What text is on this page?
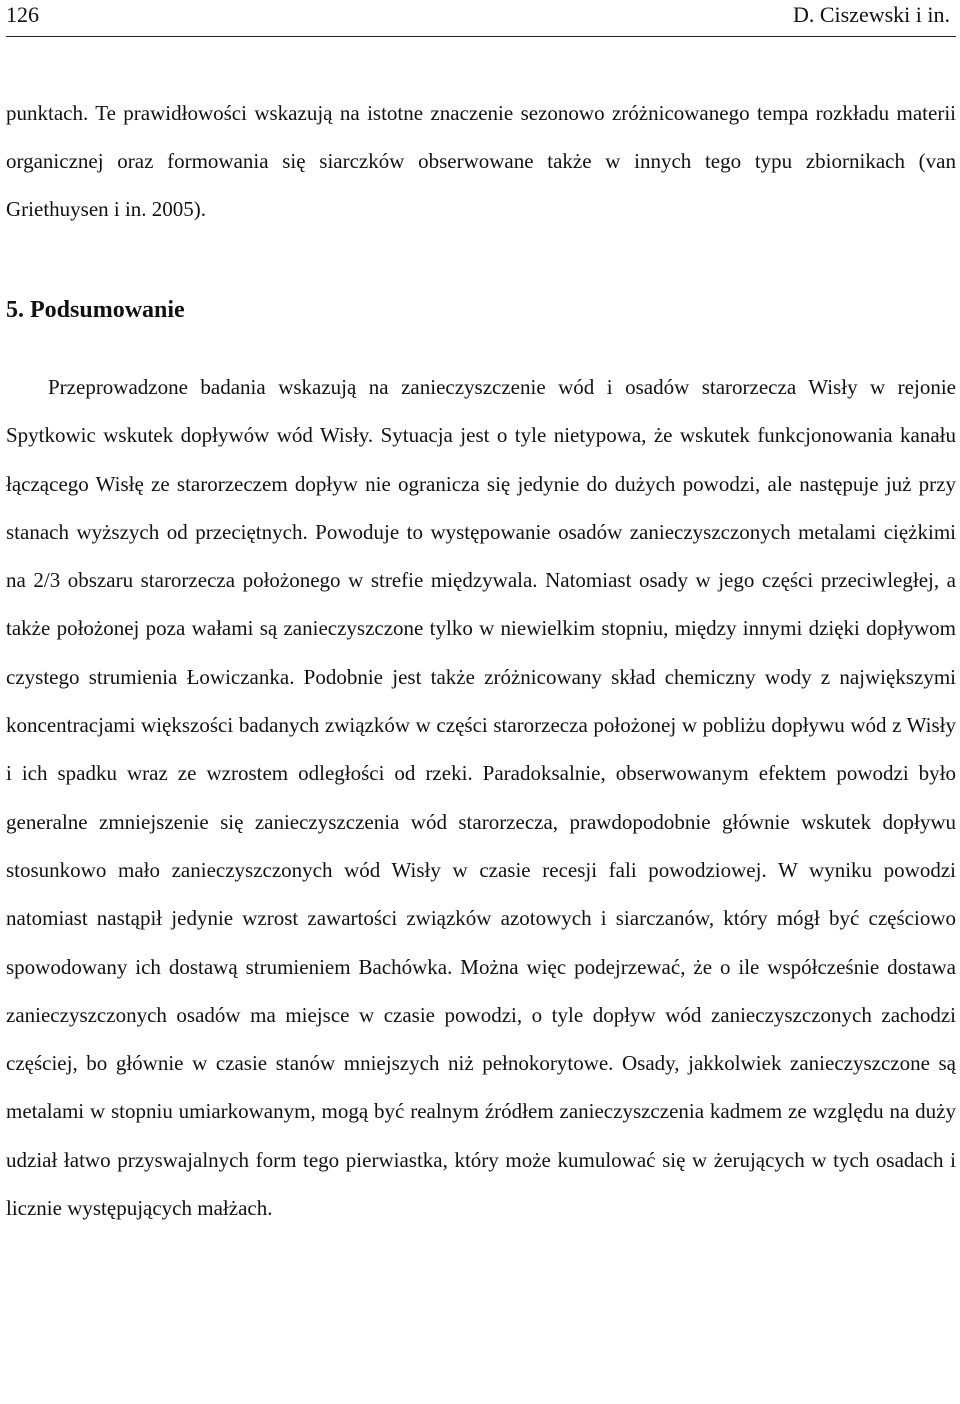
126	D. Ciszewski i in.

punktach. Te prawidłowości wskazują na istotne znaczenie sezonowo zróżnicowanego tempa rozkładu materii organicznej oraz formowania się siarczków obserwowane także w innych tego typu zbiornikach (van Griethuysen i in. 2005).

5. Podsumowanie

Przeprowadzone badania wskazują na zanieczyszczenie wód i osadów starorzecza Wisły w rejonie Spytkowic wskutek dopływów wód Wisły. Sytuacja jest o tyle nietypowa, że wskutek funkcjonowania kanału łączącego Wisłę ze starorzeczem dopływ nie ogranicza się jedynie do dużych powodzi, ale następuje już przy stanach wyższych od przeciętnych. Powoduje to występowanie osadów zanieczyszczonych metalami ciężkimi na 2/3 obszaru starorzecza położonego w strefie międzywala. Natomiast osady w jego części przeciwległej, a także położonej poza wałami są zanieczyszczone tylko w niewielkim stopniu, między innymi dzięki dopływom czystego strumienia Łowiczanka. Podobnie jest także zróżnicowany skład chemiczny wody z największymi koncentracjami większości badanych związków w części starorzecza położonej w pobliżu dopływu wód z Wisły i ich spadku wraz ze wzrostem odległości od rzeki. Paradoksalnie, obserwowanym efektem powodzi było generalne zmniejszenie się zanieczyszczenia wód starorzecza, prawdopodobnie głównie wskutek dopływu stosunkowo mało zanieczyszczonych wód Wisły w czasie recesji fali powodziowej. W wyniku powodzi natomiast nastąpił jedynie wzrost zawartości związków azotowych i siarczanów, który mógł być częściowo spowodowany ich dostawą strumieniem Bachówka. Można więc podejrzewać, że o ile współcześnie dostawa zanieczyszczonych osadów ma miejsce w czasie powodzi, o tyle dopływ wód zanieczyszczonych zachodzi częściej, bo głównie w czasie stanów mniejszych niż pełnokorytowe. Osady, jakkolwiek zanieczyszczone są metalami w stopniu umiarkowanym, mogą być realnym źródłem zanieczyszczenia kadmem ze względu na duży udział łatwo przyswajalnych form tego pierwiastka, który może kumulować się w żerujących w tych osadach i licznie występujących małżach.
